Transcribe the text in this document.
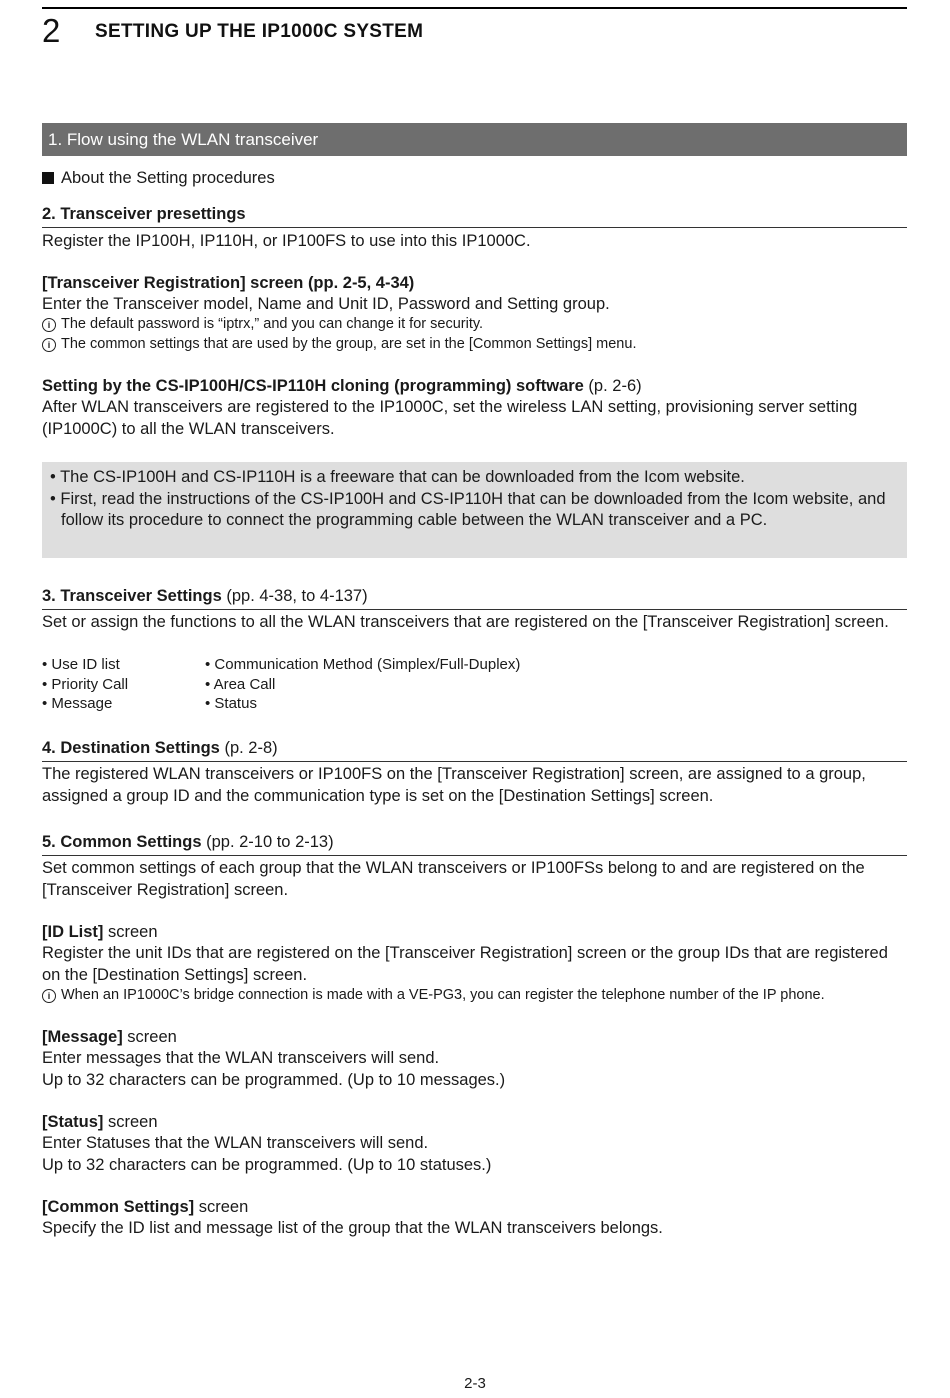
2 SETTING UP THE IP1000C SYSTEM
1. Flow using the WLAN transceiver
About the Setting procedures
2. Transceiver presettings
Register the IP100H, IP110H, or IP100FS to use into this IP1000C.
[Transceiver Registration] screen (pp. 2-5, 4-34)
Enter the Transceiver model, Name and Unit ID, Password and Setting group.
i The default password is “iptrx,” and you can change it for security.
i The common settings that are used by the group, are set in the [Common Settings] menu.
Setting by the CS-IP100H/CS-IP110H cloning (programming) software (p. 2-6)
After WLAN transceivers are registered to the IP1000C, set the wireless LAN setting, provisioning server setting (IP1000C) to all the WLAN transceivers.
• The CS-IP100H and CS-IP110H is a freeware that can be downloaded from the Icom website.
• First, read the instructions of the CS-IP100H and CS-IP110H that can be downloaded from the Icom website, and follow its procedure to connect the programming cable between the WLAN transceiver and a PC.
3. Transceiver Settings (pp. 4-38, to 4-137)
Set or assign the functions to all the WLAN transceivers that are registered on the [Transceiver Registration] screen.
• Use ID list	• Communication Method (Simplex/Full-Duplex)
• Priority Call	• Area Call
• Message	• Status
4. Destination Settings (p. 2-8)
The registered WLAN transceivers or IP100FS on the [Transceiver Registration] screen, are assigned to a group, assigned a group ID and the communication type is set on the [Destination Settings] screen.
5. Common Settings (pp. 2-10 to 2-13)
Set common settings of each group that the WLAN transceivers or IP100FSs belong to and are registered on the [Transceiver Registration] screen.
[ID List] screen
Register the unit IDs that are registered on the [Transceiver Registration] screen or the group IDs that are registered on the [Destination Settings] screen.
i When an IP1000C’s bridge connection is made with a VE-PG3, you can register the telephone number of the IP phone.
[Message] screen
Enter messages that the WLAN transceivers will send.
Up to 32 characters can be programmed. (Up to 10 messages.)
[Status] screen
Enter Statuses that the WLAN transceivers will send.
Up to 32 characters can be programmed. (Up to 10 statuses.)
[Common Settings] screen
Specify the ID list and message list of the group that the WLAN transceivers belongs.
2-3
